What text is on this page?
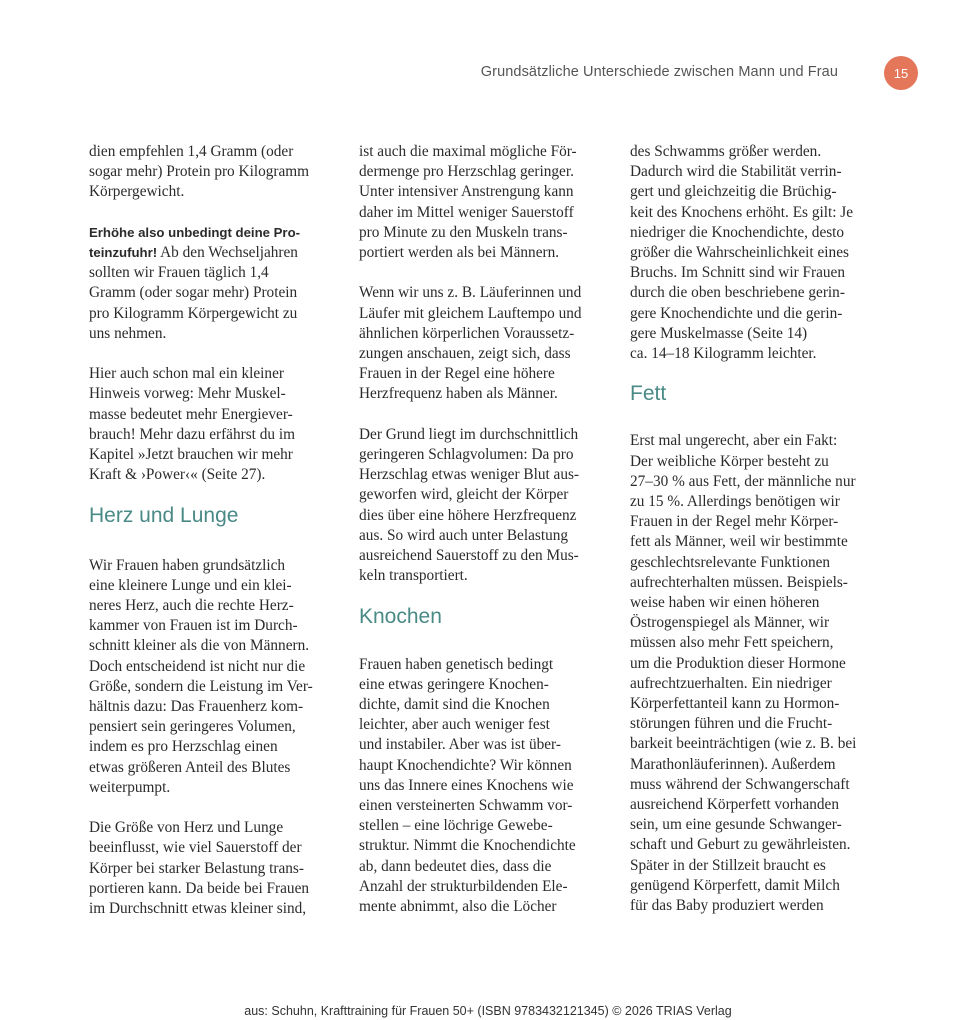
Grundsätzliche Unterschiede zwischen Mann und Frau	15

dien empfehlen 1,4 Gramm (oder
sogar mehr) Protein pro Kilogramm
Körpergewicht.

Erhöhe also unbedingt deine Pro-
teinzufuhr! Ab den Wechseljahren
sollten wir Frauen täglich 1,4
Gramm (oder sogar mehr) Protein
pro Kilogramm Körpergewicht zu
uns nehmen.

Hier auch schon mal ein kleiner
Hinweis vorweg: Mehr Muskel-
masse bedeutet mehr Energiever-
brauch! Mehr dazu erfährst du im
Kapitel »Jetzt brauchen wir mehr
Kraft & ›Power‹« (Seite 27).

Herz und Lunge

Wir Frauen haben grundsätzlich
eine kleinere Lunge und ein klei-
neres Herz, auch die rechte Herz-
kammer von Frauen ist im Durch-
schnitt kleiner als die von Männern.
Doch entscheidend ist nicht nur die
Größe, sondern die Leistung im Ver-
hältnis dazu: Das Frauenherz kom-
pensiert sein geringeres Volumen,
indem es pro Herzschlag einen
etwas größeren Anteil des Blutes
weiterpumpt.

Die Größe von Herz und Lunge
beeinflusst, wie viel Sauerstoff der
Körper bei starker Belastung trans-
portieren kann. Da beide bei Frauen
im Durchschnitt etwas kleiner sind,

ist auch die maximal mögliche För-
dermenge pro Herzschlag geringer.
Unter intensiver Anstrengung kann
daher im Mittel weniger Sauerstoff
pro Minute zu den Muskeln trans-
portiert werden als bei Männern.

Wenn wir uns z. B. Läuferinnen und
Läufer mit gleichem Lauftempo und
ähnlichen körperlichen Voraussetz-
zungen anschauen, zeigt sich, dass
Frauen in der Regel eine höhere
Herzfrequenz haben als Männer.

Der Grund liegt im durchschnittlich
geringeren Schlagvolumen: Da pro
Herzschlag etwas weniger Blut aus-
geworfen wird, gleicht der Körper
dies über eine höhere Herzfrequenz
aus. So wird auch unter Belastung
ausreichend Sauerstoff zu den Mus-
keln transportiert.

Knochen

Frauen haben genetisch bedingt
eine etwas geringere Knochen-
dichte, damit sind die Knochen
leichter, aber auch weniger fest
und instabiler. Aber was ist über-
haupt Knochendichte? Wir können
uns das Innere eines Knochens wie
einen versteinerten Schwamm vor-
stellen – eine löchrige Gewebe-
struktur. Nimmt die Knochendichte
ab, dann bedeutet dies, dass die
Anzahl der strukturbildenden Ele-
mente abnimmt, also die Löcher

des Schwamms größer werden.
Dadurch wird die Stabilität verrin-
gert und gleichzeitig die Brüchig-
keit des Knochens erhöht. Es gilt: Je
niedriger die Knochendichte, desto
größer die Wahrscheinlichkeit eines
Bruchs. Im Schnitt sind wir Frauen
durch die oben beschriebene gerin-
gere Knochendichte und die gerin-
gere Muskelmasse (Seite 14)
ca. 14–18 Kilogramm leichter.

Fett

Erst mal ungerecht, aber ein Fakt:
Der weibliche Körper besteht zu
27–30 % aus Fett, der männliche nur
zu 15 %. Allerdings benötigen wir
Frauen in der Regel mehr Körper-
fett als Männer, weil wir bestimmte
geschlechtsrelevante Funktionen
aufrechterhalten müssen. Beispiels-
weise haben wir einen höheren
Östrogenspiegel als Männer, wir
müssen also mehr Fett speichern,
um die Produktion dieser Hormone
aufrechtzuerhalten. Ein niedriger
Körperfettanteil kann zu Hormon-
störungen führen und die Frucht-
barkeit beeinträchtigen (wie z. B. bei
Marathonläuferinnen). Außerdem
muss während der Schwangerschaft
ausreichend Körperfett vorhanden
sein, um eine gesunde Schwanger-
schaft und Geburt zu gewährleisten.
Später in der Stillzeit braucht es
genügend Körperfett, damit Milch
für das Baby produziert werden

aus: Schuhn, Krafttraining für Frauen 50+ (ISBN 9783432121345) © 2026 TRIAS Verlag
